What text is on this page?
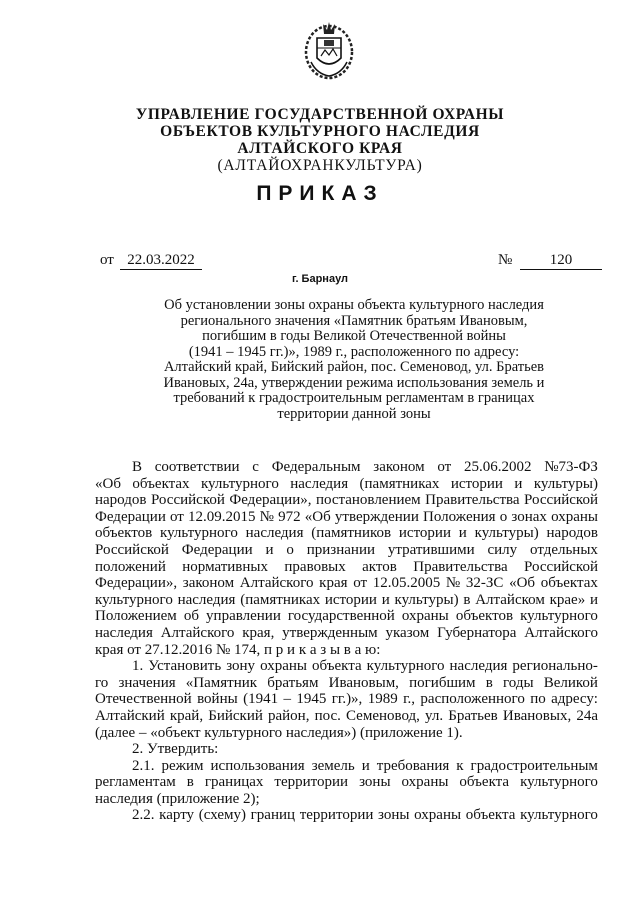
УПРАВЛЕНИЕ ГОСУДАРСТВЕННОЙ ОХРАНЫ
ОБЪЕКТОВ КУЛЬТУРНОГО НАСЛЕДИЯ
АЛТАЙСКОГО КРАЯ
(АЛТАЙОХРАНКУЛЬТУРА)
ПРИКАЗ
от 22.03.2022	№	120
г. Барнаул
Об установлении зоны охраны объекта культурного наследия
регионального значения «Памятник братьям Ивановым,
погибшим в годы Великой Отечественной войны
(1941 – 1945 гг.)», 1989 г., расположенного по адресу:
Алтайский край, Бийский район, пос. Семеновод, ул. Братьев
Ивановых, 24а, утверждении режима использования земель и
требований к градостроительным регламентам в границах
территории данной зоны
В соответствии с Федеральным законом от 25.06.2002 №73-ФЗ
«Об объектах культурного наследия (памятниках истории и культуры)
народов Российской Федерации», постановлением Правительства Российской
Федерации от 12.09.2015 № 972 «Об утверждении Положения о зонах охраны
объектов культурного наследия (памятников истории и культуры) народов
Российской Федерации и о признании утратившими силу отдельных
положений нормативных правовых актов Правительства Российской
Федерации», законом Алтайского края от 12.05.2005 № 32-ЗС «Об объектах
культурного наследия (памятниках истории и культуры) в Алтайском крае» и
Положением об управлении государственной охраны объектов культурного
наследия Алтайского края, утвержденным указом Губернатора Алтайского
края от 27.12.2016 № 174, п р и к а з ы в а ю:
1. Установить зону охраны объекта культурного наследия регионально-
го значения «Памятник братьям Ивановым, погибшим в годы Великой
Отечественной войны (1941 – 1945 гг.)», 1989 г., расположенного по адресу:
Алтайский край, Бийский район, пос. Семеновод, ул. Братьев Ивановых, 24а
(далее – «объект культурного наследия») (приложение 1).
2. Утвердить:
2.1. режим использования земель и требования к градостроительным
регламентам в границах территории зоны охраны объекта культурного
наследия (приложение 2);
2.2. карту (схему) границ территории зоны охраны объекта культурного
